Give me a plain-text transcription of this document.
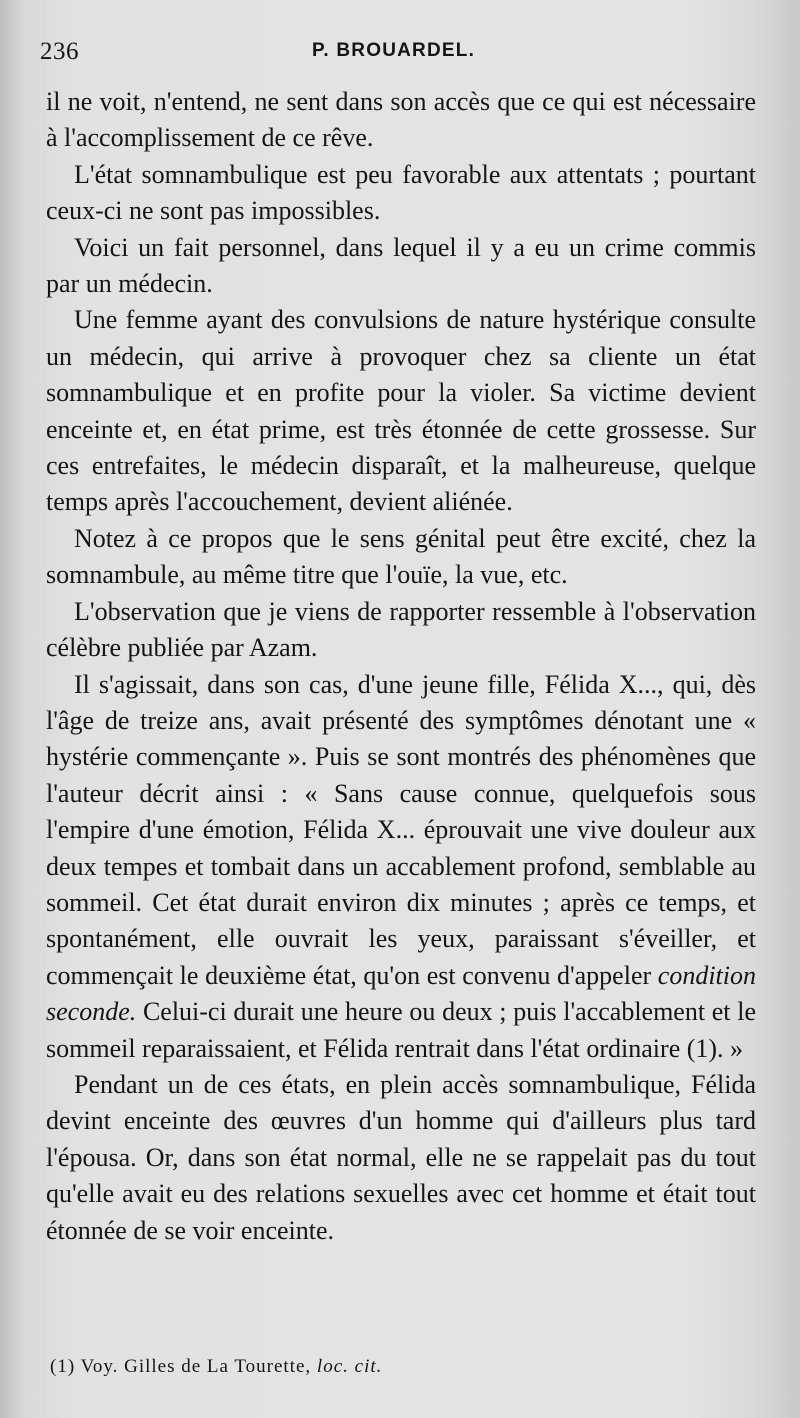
236	P. BROUARDEL.

il ne voit, n'entend, ne sent dans son accès que ce qui est nécessaire à l'accomplissement de ce rêve.

L'état somnambulique est peu favorable aux attentats ; pourtant ceux-ci ne sont pas impossibles.

Voici un fait personnel, dans lequel il y a eu un crime commis par un médecin.

Une femme ayant des convulsions de nature hystérique consulte un médecin, qui arrive à provoquer chez sa cliente un état somnambulique et en profite pour la violer. Sa victime devient enceinte et, en état prime, est très étonnée de cette grossesse. Sur ces entrefaites, le médecin disparaît, et la malheureuse, quelque temps après l'accouchement, devient aliénée.

Notez à ce propos que le sens génital peut être excité, chez la somnambule, au même titre que l'ouïe, la vue, etc.

L'observation que je viens de rapporter ressemble à l'observation célèbre publiée par Azam.

Il s'agissait, dans son cas, d'une jeune fille, Félida X..., qui, dès l'âge de treize ans, avait présenté des symptômes dénotant une « hystérie commençante ». Puis se sont montrés des phénomènes que l'auteur décrit ainsi : « Sans cause connue, quelquefois sous l'empire d'une émotion, Félida X... éprouvait une vive douleur aux deux tempes et tombait dans un accablement profond, semblable au sommeil. Cet état durait environ dix minutes ; après ce temps, et spontanément, elle ouvrait les yeux, paraissant s'éveiller, et commençait le deuxième état, qu'on est convenu d'appeler condition seconde. Celui-ci durait une heure ou deux ; puis l'accablement et le sommeil reparaissaient, et Félida rentrait dans l'état ordinaire (1). »

Pendant un de ces états, en plein accès somnambulique, Félida devint enceinte des œuvres d'un homme qui d'ailleurs plus tard l'épousa. Or, dans son état normal, elle ne se rappelait pas du tout qu'elle avait eu des relations sexuelles avec cet homme et était tout étonnée de se voir enceinte.

(1) Voy. Gilles de La Tourette, loc. cit.
